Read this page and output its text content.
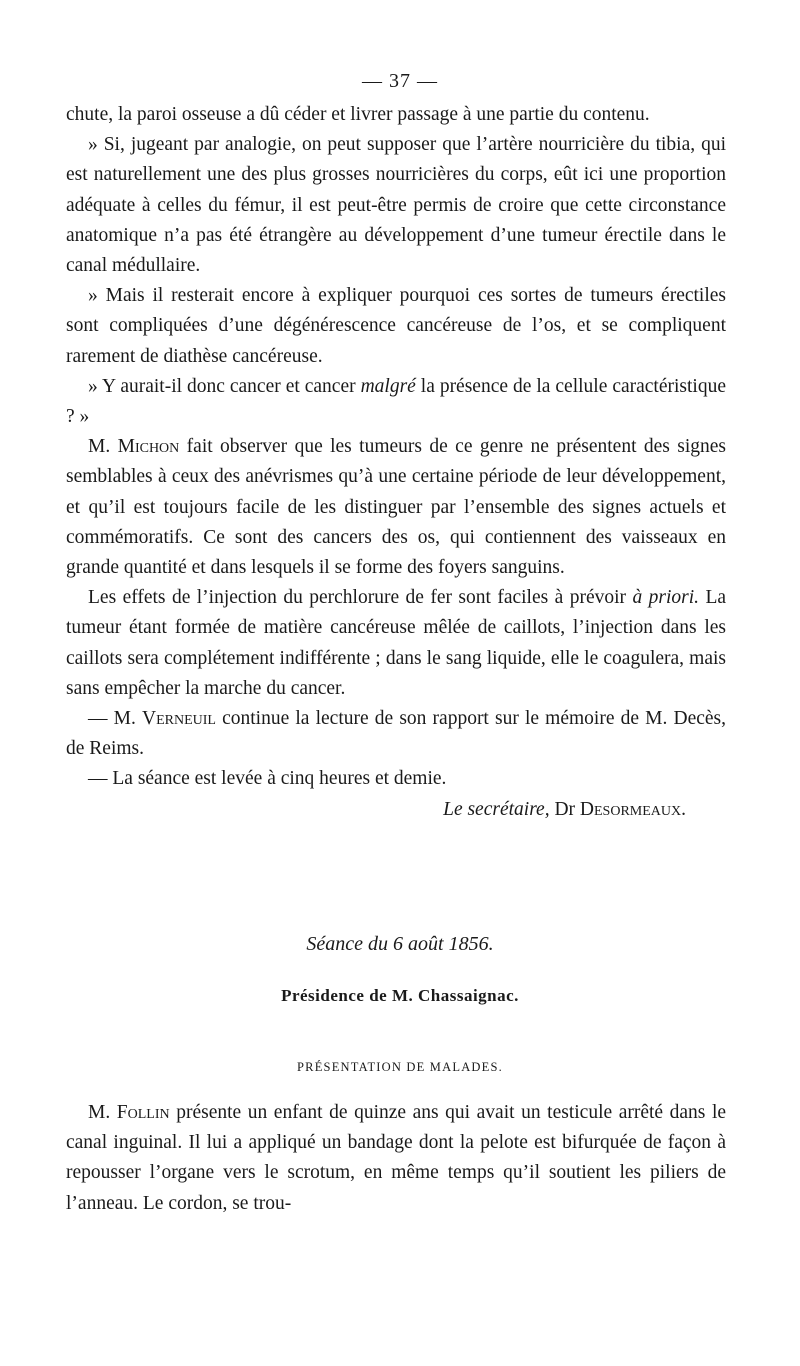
— 37 —

chute, la paroi osseuse a dû céder et livrer passage à une partie du contenu.

» Si, jugeant par analogie, on peut supposer que l’artère nourricière du tibia, qui est naturellement une des plus grosses nourricières du corps, eût ici une proportion adéquate à celles du fémur, il est peut-être permis de croire que cette circonstance anatomique n’a pas été étrangère au développement d’une tumeur érectile dans le canal médullaire.

» Mais il resterait encore à expliquer pourquoi ces sortes de tumeurs érectiles sont compliquées d’une dégénérescence cancéreuse de l’os, et se compliquent rarement de diathèse cancéreuse.

» Y aurait-il donc cancer et cancer malgré la présence de la cellule caractéristique ? »

M. Michon fait observer que les tumeurs de ce genre ne présentent des signes semblables à ceux des anévrismes qu’à une certaine période de leur développement, et qu’il est toujours facile de les distinguer par l’ensemble des signes actuels et commémoratifs. Ce sont des cancers des os, qui contiennent des vaisseaux en grande quantité et dans lesquels il se forme des foyers sanguins.

Les effets de l’injection du perchlorure de fer sont faciles à prévoir à priori. La tumeur étant formée de matière cancéreuse mêlée de caillots, l’injection dans les caillots sera complétement indifférente ; dans le sang liquide, elle le coagulera, mais sans empêcher la marche du cancer.

— M. Verneuil continue la lecture de son rapport sur le mémoire de M. Decès, de Reims.

— La séance est levée à cinq heures et demie.

Le secrétaire, Dr Desormeaux.

Séance du 6 août 1856.
Présidence de M. Chassaignac.
PRÉSENTATION DE MALADES.

M. Follin présente un enfant de quinze ans qui avait un testicule arrêté dans le canal inguinal. Il lui a appliqué un bandage dont la pelote est bifurquée de façon à repousser l’organe vers le scrotum, en même temps qu’il soutient les piliers de l’anneau. Le cordon, se trou-
